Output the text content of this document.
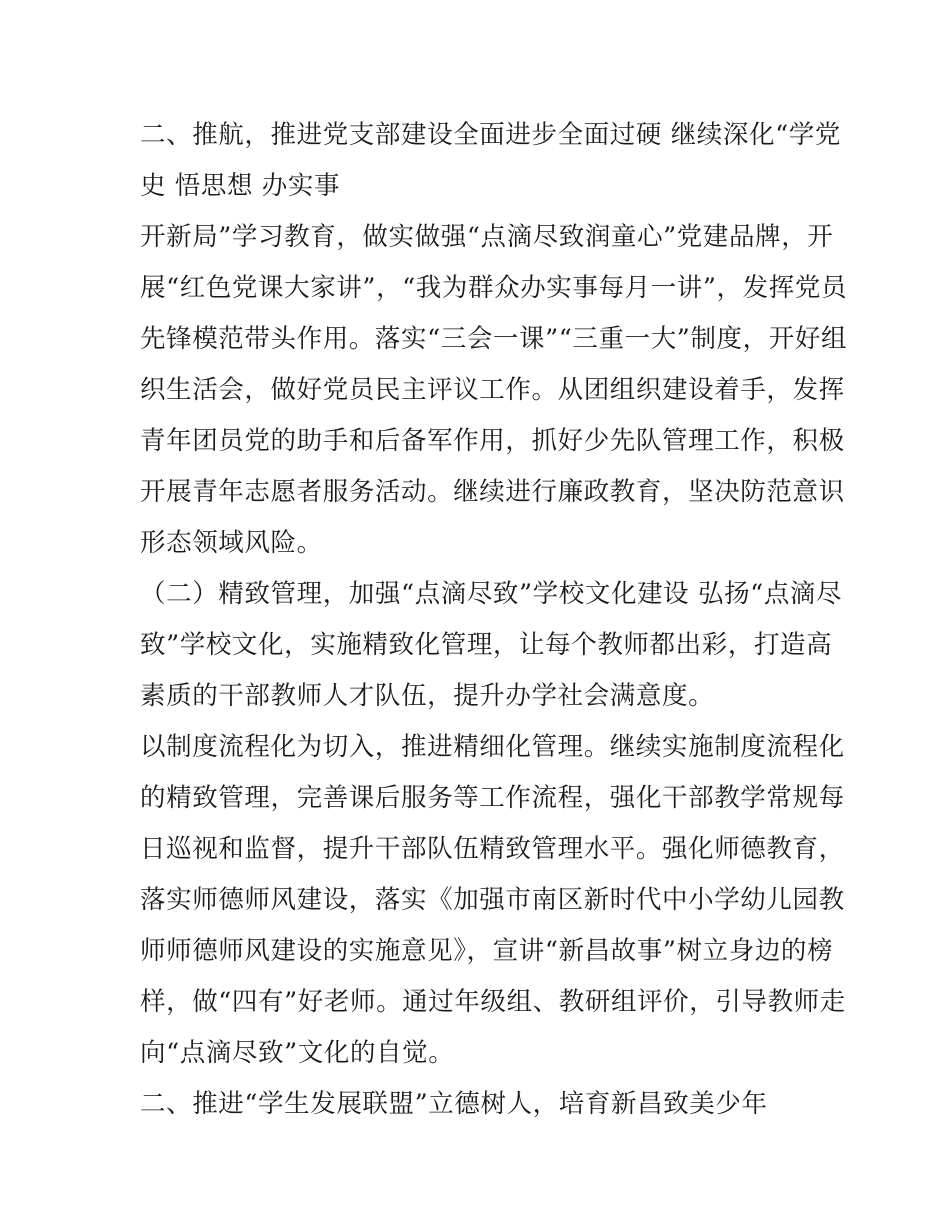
二、推航，推进党支部建设全面进步全面过硬 继续深化“学党
史 悟思想 办实事
开新局”学习教育，做实做强“点滴尽致润童心”党建品牌，开
展“红色党课大家讲”，“我为群众办实事每月一讲”，发挥党员
先锋模范带头作用。落实“三会一课”“三重一大”制度，开好组
织生活会，做好党员民主评议工作。从团组织建设着手，发挥
青年团员党的助手和后备军作用，抓好少先队管理工作，积极
开展青年志愿者服务活动。继续进行廉政教育，坚决防范意识
形态领域风险。
（二）精致管理，加强“点滴尽致”学校文化建设 弘扬“点滴尽
致”学校文化，实施精致化管理，让每个教师都出彩，打造高
素质的干部教师人才队伍，提升办学社会满意度。
以制度流程化为切入，推进精细化管理。继续实施制度流程化
的精致管理，完善课后服务等工作流程，强化干部教学常规每
日巡视和监督，提升干部队伍精致管理水平。强化师德教育，
落实师德师风建设，落实《加强市南区新时代中小学幼儿园教
师师德师风建设的实施意见》，宣讲“新昌故事”树立身边的榜
样，做“四有”好老师。通过年级组、教研组评价，引导教师走
向“点滴尽致”文化的自觉。
二、推进“学生发展联盟”立德树人，培育新昌致美少年
